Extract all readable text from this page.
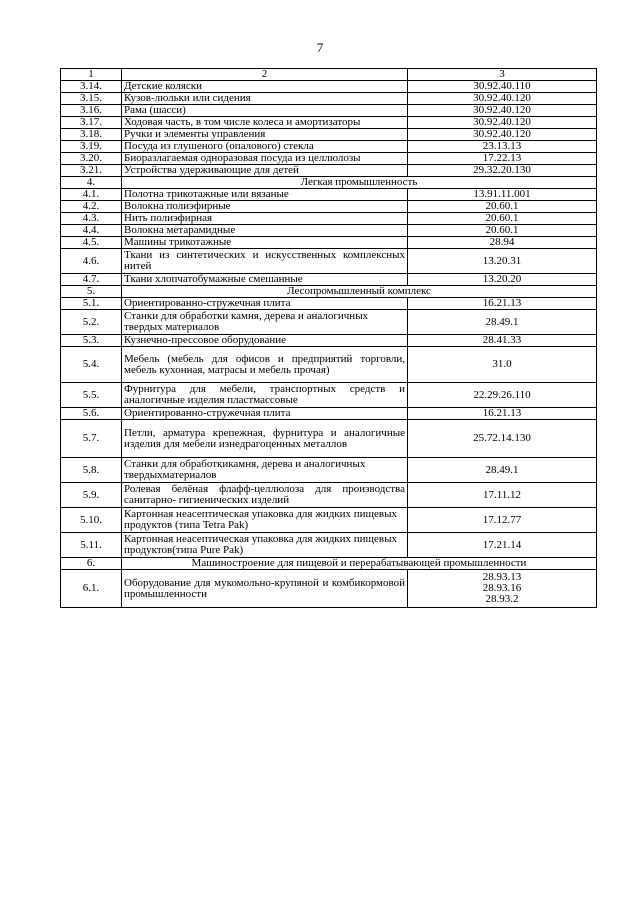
7
1	2	3
3.14.	Детские коляски	30.92.40.110
3.15.	Кузов-люльки или сидения	30.92.40.120
3.16.	Рама (шасси)	30.92.40.120
3.17.	Ходовая часть, в том числе колеса и амортизаторы	30.92.40.120
3.18.	Ручки и элементы управления	30.92.40.120
3.19.	Посуда из глушеного (опалового) стекла	23.13.13
3.20.	Биоразлагаемая одноразовая посуда из целлюлозы	17.22.13
3.21.	Устройства удерживающие для детей	29.32.20.130
4.	Легкая промышленность	
4.1.	Полотна трикотажные или вязаные	13.91.11.001
4.2.	Волокна полиэфирные	20.60.1
4.3.	Нить полиэфирная	20.60.1
4.4.	Волокна метарамидные	20.60.1
4.5.	Машины трикотажные	28.94
4.6.	Ткани из синтетических и искусственных комплексных нитей	13.20.31
4.7.	Ткани хлопчатобумажные смешанные	13.20.20
5.	Лесопромышленный комплекс	
5.1.	Ориентированно-стружечная плита	16.21.13
5.2.	Станки для обработки камня, дерева и аналогичных твердых материалов	28.49.1
5.3.	Кузнечно-прессовое оборудование	28.41.33
5.4.	Мебель (мебель для офисов и предприятий торговли, мебель кухонная, матрасы и мебель прочая)	31.0
5.5.	Фурнитура для мебели, транспортных средств и аналогичные изделия пластмассовые	22.29.26.110
5.6.	Ориентированно-стружечная плита	16.21.13
5.7.	Петли, арматура крепежная, фурнитура и аналогичные изделия для мебели изнедрагоценных металлов	25.72.14.130
5.8.	Станки для обработкикамня, дерева и аналогичных твердыхматериалов	28.49.1
5.9.	Ролевая белёная флафф-целлюлоза для производства санитарно- гигиенических изделий	17.11.12
5.10.	Картонная неасептическая упаковка для жидких пищевых продуктов (типа Tetra Pak)	17.12.77
5.11.	Картонная неасептическая упаковка для жидких пищевых продуктов(типа Pure Pak)	17.21.14
6.	Машиностроение для пищевой и перерабатывающей промышленности	
6.1.	Оборудование для мукомольно-крупяной и комбикормовой промышленности	28.93.13
28.93.16
28.93.2
